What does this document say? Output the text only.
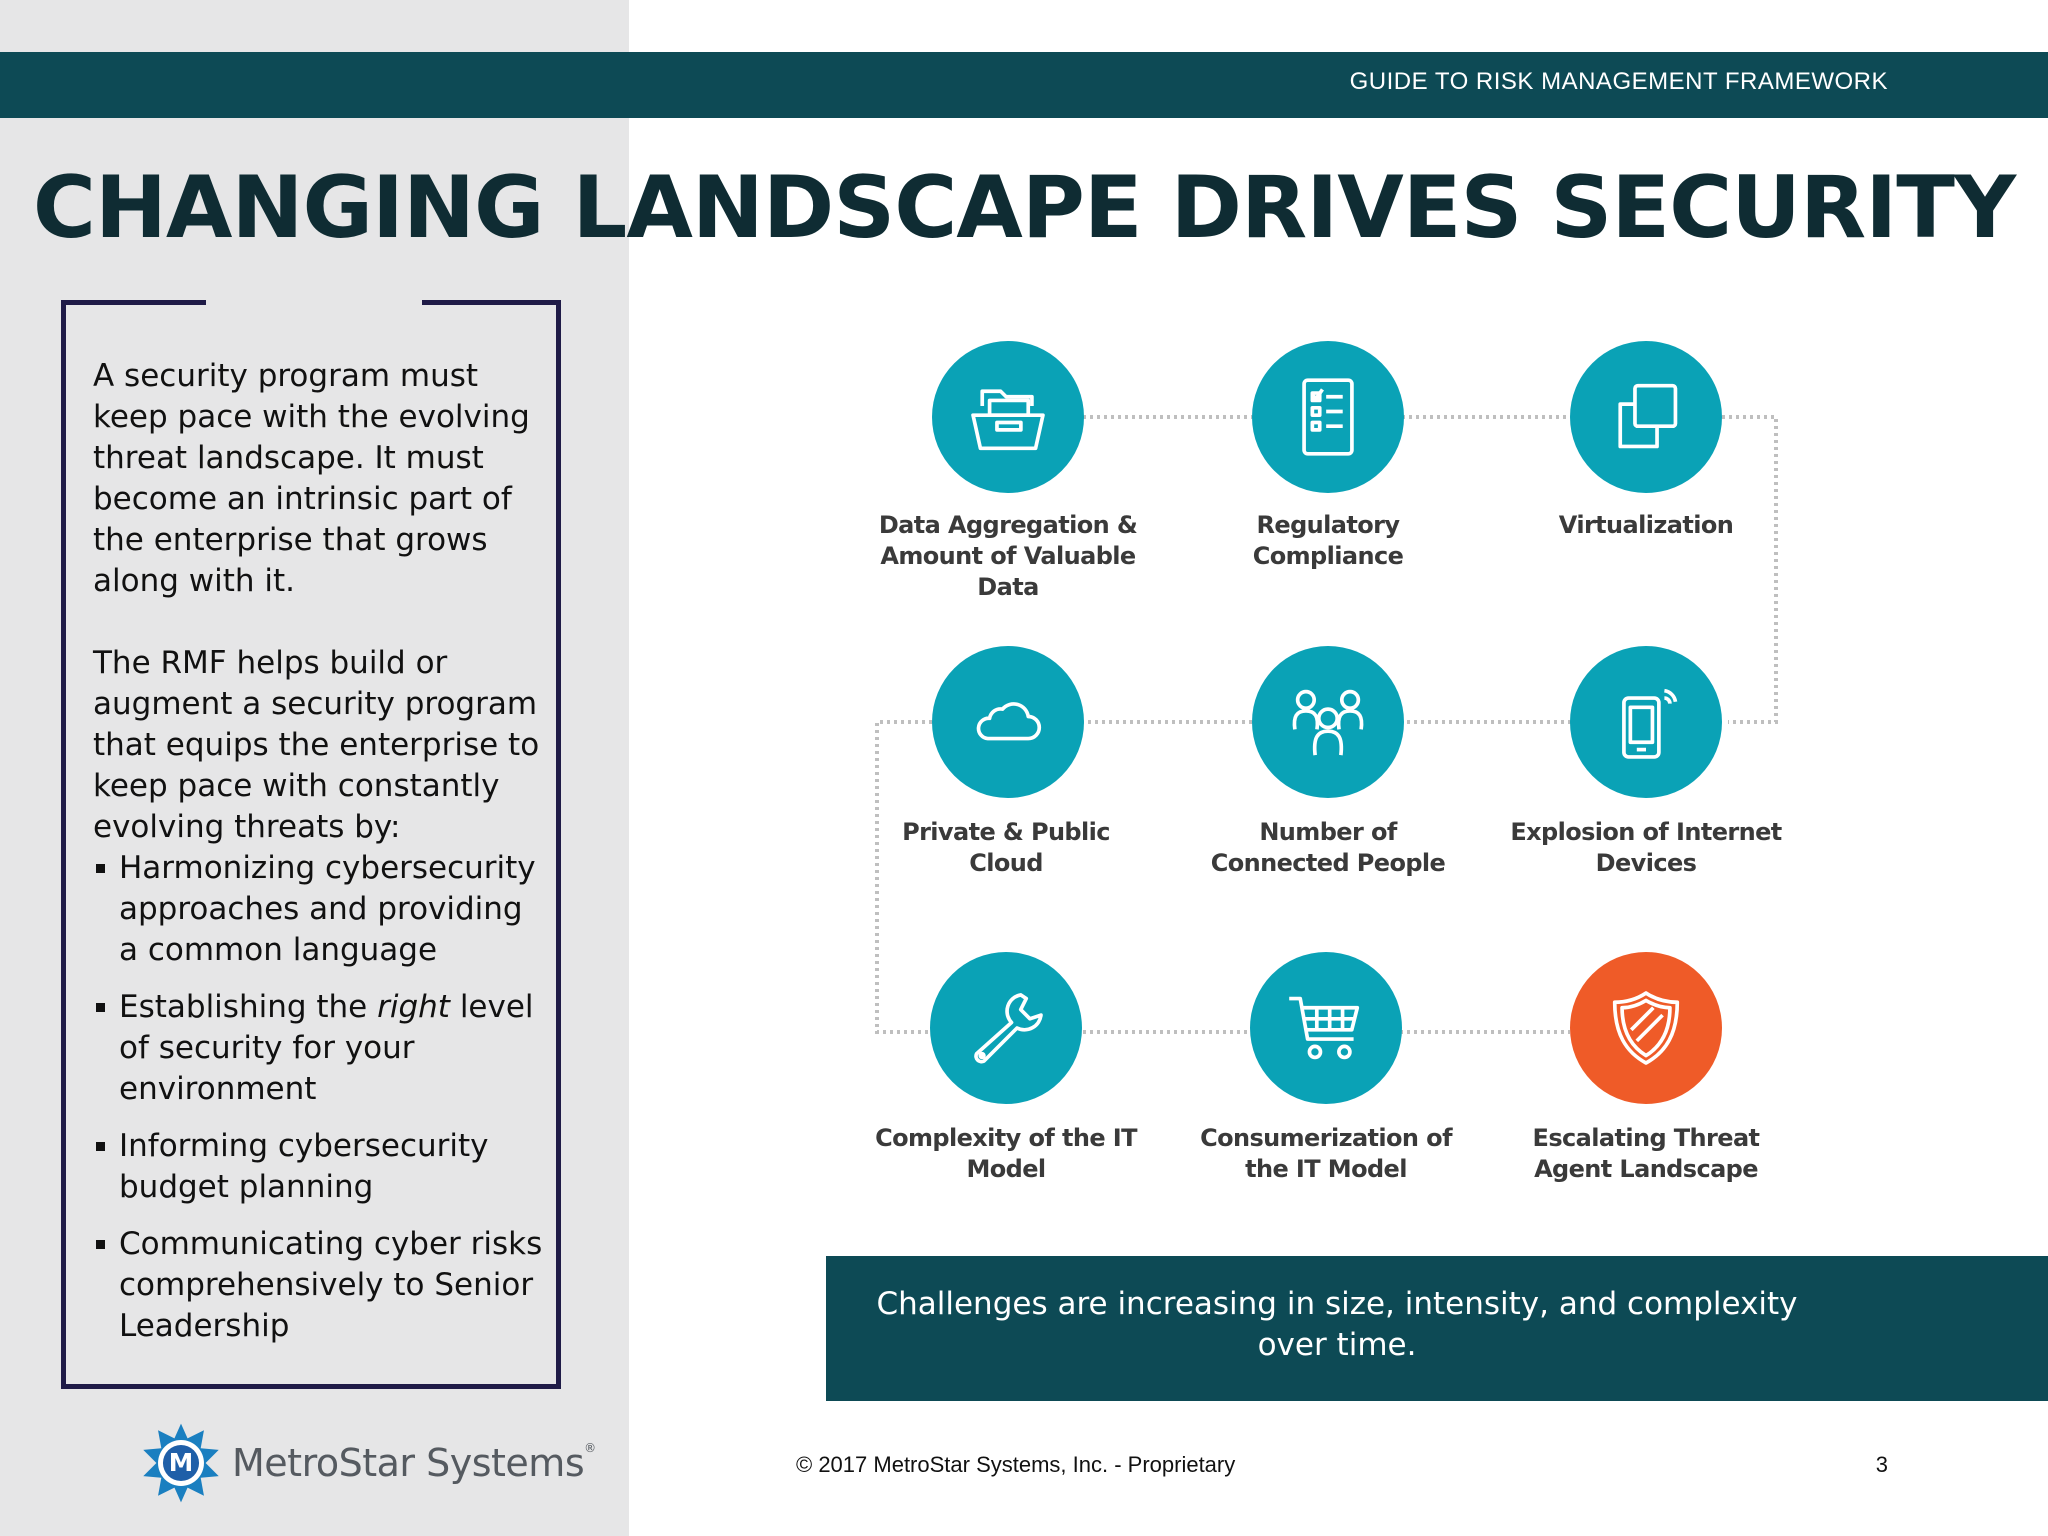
GUIDE TO RISK MANAGEMENT FRAMEWORK
CHANGING LANDSCAPE DRIVES SECURITY

A security program must keep pace with the evolving threat landscape. It must become an intrinsic part of the enterprise that grows along with it.

The RMF helps build or augment a security program that equips the enterprise to keep pace with constantly evolving threats by:

Harmonizing cybersecurity approaches and providing a common language
Establishing the right level of security for your environment
Informing cybersecurity budget planning
Communicating cyber risks comprehensively to Senior Leadership
Data Aggregation & Amount of Valuable Data
Regulatory Compliance
Virtualization
Private & Public Cloud
Number of Connected People
Explosion of Internet Devices
Complexity of the IT Model
Consumerization of the IT Model
Escalating Threat Agent Landscape
Challenges are increasing in size, intensity, and complexity over time.
M MetroStar Systems®
© 2017 MetroStar Systems, Inc. - Proprietary	3
